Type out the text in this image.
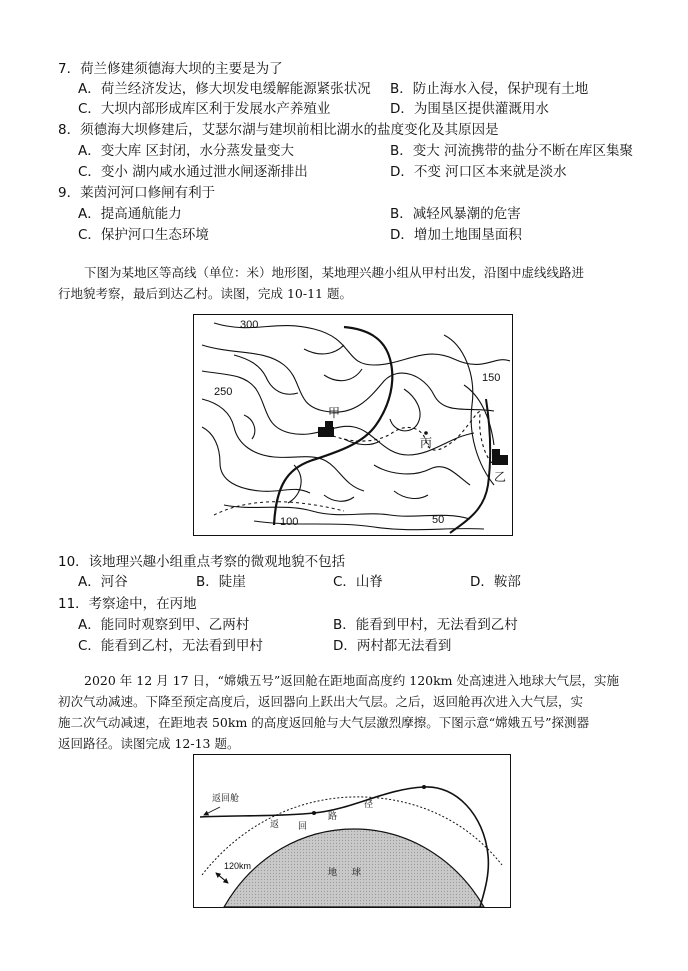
7．荷兰修建须德海大坝的主要是为了
A．荷兰经济发达，修大坝发电缓解能源紧张状况 B．防止海水入侵，保护现有土地
C．大坝内部形成库区利于发展水产养殖业	D．为围垦区提供灌溉用水
8．须德海大坝修建后，艾瑟尔湖与建坝前相比湖水的盐度变化及其原因是
A．变大库 区封闭，水分蒸发量变大	B．变大 河流携带的盐分不断在库区集聚
C．变小 湖内咸水通过泄水闸逐渐排出	D．不变 河口区本来就是淡水
9．莱茵河河口修闸有利于
A．提高通航能力	B．减轻风暴潮的危害
C．保护河口生态环境	D．增加土地围垦面积
下图为某地区等高线（单位：米）地形图，某地理兴趣小组从甲村出发，沿图中虚线线路进
行地貌考察，最后到达乙村。读图，完成 10-11 题。
300
250
150
100	50
甲
丙
乙
10．该地理兴趣小组重点考察的微观地貌不包括
A．河谷	B．陡崖	C．山脊	D．鞍部
11．考察途中，在丙地
A．能同时观察到甲、乙两村	B．能看到甲村，无法看到乙村
C．能看到乙村，无法看到甲村	D．两村都无法看到
2020 年 12 月 17 日，“嫦娥五号”返回舱在距地面高度约 120km 处高速进入地球大气层，实施
初次气动减速。下降至预定高度后，返回器向上跃出大气层。之后，返回舱再次进入大气层，实
施二次气动减速，在距地表 50km 的高度返回舱与大气层激烈摩擦。下图示意“嫦娥五号”探测器
返回路径。读图完成 12-13 题。
返回舱
返 回
路
径
120km
地 球
